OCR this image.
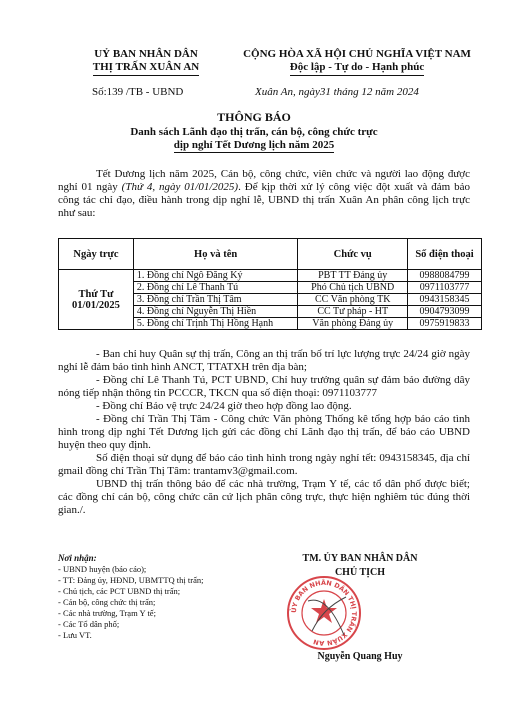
UỶ BAN NHÂN DÂN
THỊ TRẤN XUÂN AN
CỘNG HÒA XÃ HỘI CHỦ NGHĨA VIỆT NAM
Độc lập - Tự do - Hạnh phúc
Số:139 /TB - UBND	Xuân An, ngày31 tháng 12 năm 2024
THÔNG BÁO
Danh sách Lãnh đạo thị trấn, cán bộ, công chức trực
dịp nghỉ Tết Dương lịch năm 2025
Tết Dương lịch năm 2025, Cán bộ, công chức, viên chức và người lao động được nghỉ 01 ngày (Thứ 4, ngày 01/01/2025). Để kịp thời xử lý công việc đột xuất và đảm bảo công tác chỉ đạo, điều hành trong dịp nghỉ lễ, UBND thị trấn Xuân An phân công lịch trực như sau:
Ngày trực	Họ và tên	Chức vụ	Số điện thoại

Thứ Tư
01/01/2025	1. Đồng chí Ngô Đăng Ký	PBT TT Đảng ủy	0988084799
	2. Đồng chí Lê Thanh Tú	Phó Chủ tịch UBND	0971103777
	3. Đồng chí Trần Thị Tâm	CC Văn phòng TK	0943158345
	4. Đồng chí Nguyễn Thị Hiền	CC Tư pháp - HT	0904793099
	5. Đồng chí Trịnh Thị Hồng Hạnh	Văn phòng Đảng ủy	0975919833

- Ban chỉ huy Quân sự thị trấn, Công an thị trấn bố trí lực lượng trực 24/24 giờ ngày nghỉ lễ đảm bảo tình hình ANCT, TTATXH trên địa bàn;

- Đồng chí Lê Thanh Tú, PCT UBND, Chỉ huy trưởng quân sự đảm bảo đường dây nóng tiếp nhận thông tin PCCCR, TKCN qua số điện thoại: 0971103777

- Đồng chí Bảo vệ trực 24/24 giờ theo hợp đồng lao động.

- Đồng chí Trần Thị Tâm - Công chức Văn phòng Thống kê tổng hợp báo cáo tình hình trong dịp nghỉ Tết Dương lịch gửi các đồng chí Lãnh đạo thị trấn, để báo cáo UBND huyện theo quy định.

Số điện thoại sử dụng để báo cáo tình hình trong ngày nghỉ tết: 0943158345, địa chỉ gmail đồng chí Trần Thị Tâm: trantamv3@gmail.com.

UBND thị trấn thông báo để các nhà trường, Trạm Y tế, các tổ dân phố được biết; các đồng chí cán bộ, công chức căn cứ lịch phân công trực, thực hiện nghiêm túc đúng thời gian./.

Nơi nhận:
- UBND huyện (báo cáo);
- TT: Đảng ủy, HĐND, UBMTTQ thị trấn;
- Chủ tịch, các PCT UBND thị trấn;
- Cán bộ, công chức thị trấn;
- Các nhà trường, Trạm Y tế;
- Các Tổ dân phố;
- Lưu VT.
TM. ỦY BAN NHÂN DÂN
CHỦ TỊCH
ỦY BAN NHÂN DÂN THỊ TRẤN XUÂN AN
Nguyễn Quang Huy
